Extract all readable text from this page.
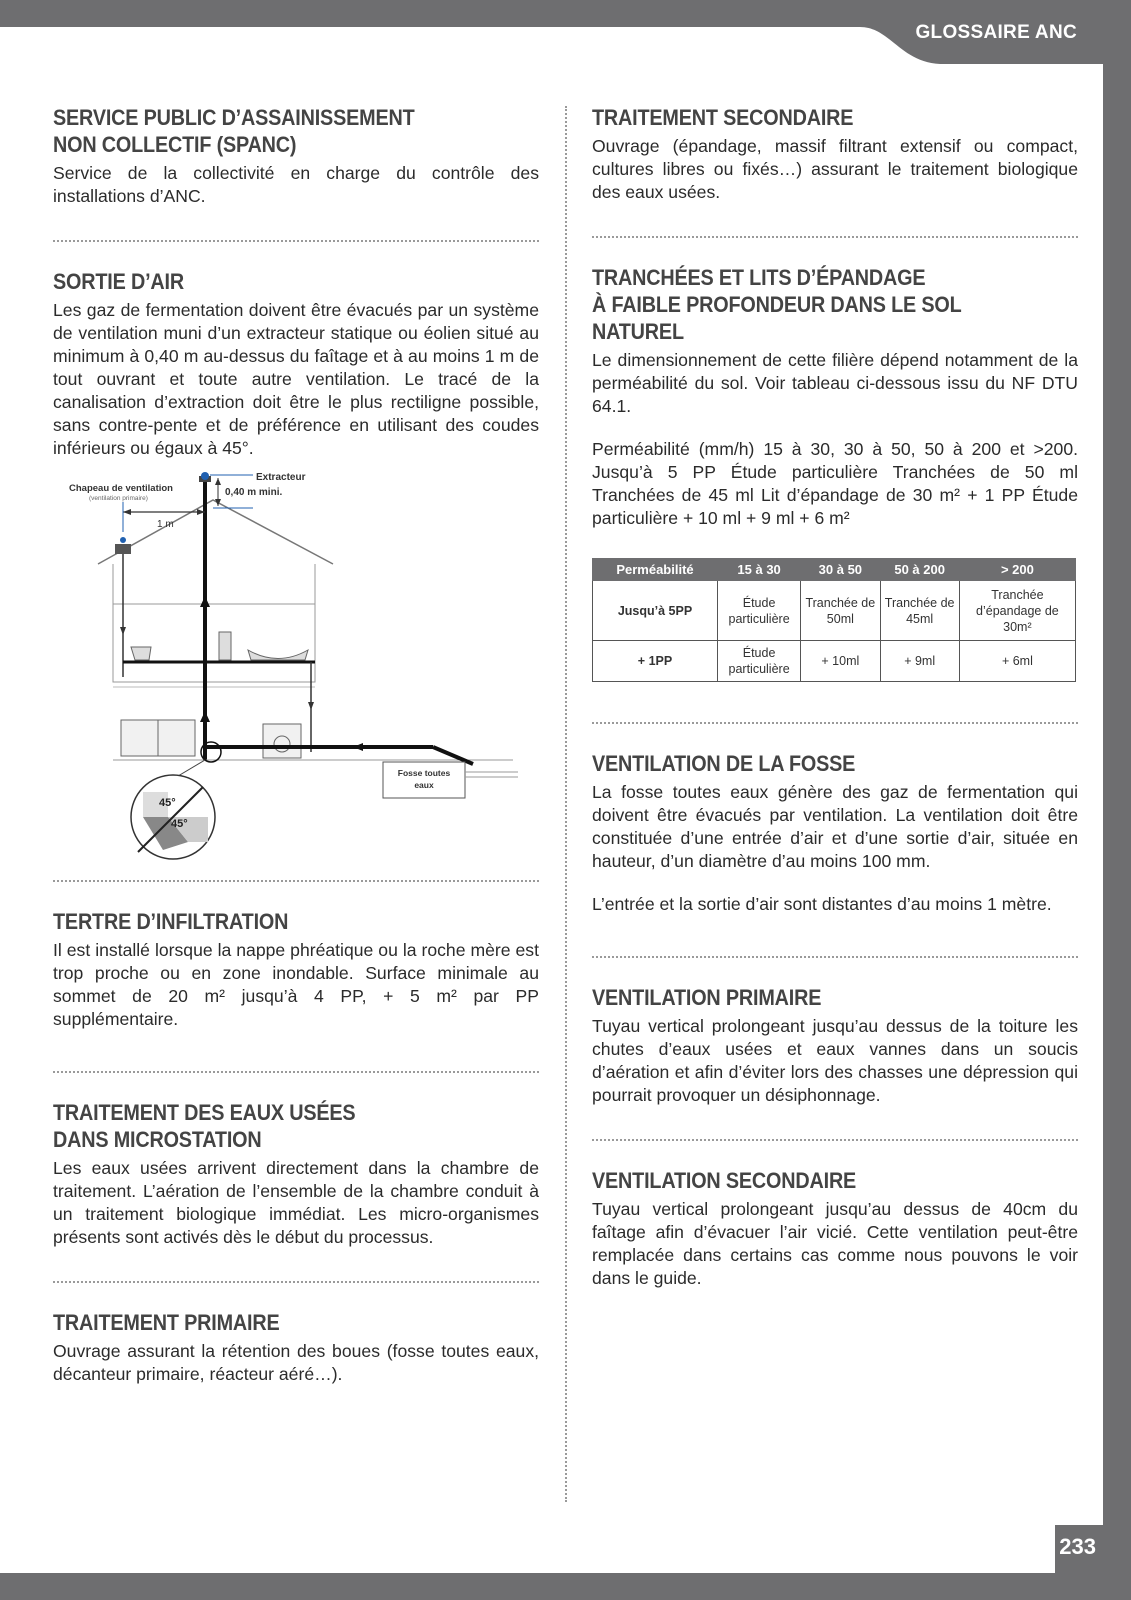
GLOSSAIRE ANC
233
SERVICE PUBLIC D’ASSAINISSEMENT
NON COLLECTIF (SPANC)

Service de la collectivité en charge du contrôle des installations d’ANC.

SORTIE D’AIR

Les gaz de fermentation doivent être évacués par un système de ventilation muni d’un extracteur statique ou éolien situé au minimum à 0,40 m au-dessus du faîtage et à au moins 1 m de tout ouvrant et toute autre ventilation. Le tracé de la canalisation d’extraction doit être le plus rectiligne possible, sans contre-pente et de préférence en utilisant des coudes inférieurs ou égaux à 45°.

1 m
Extracteur
0,40 m mini.
Chapeau de ventilation
(ventilation primaire)
Fosse toutes
eaux
45°
45°
TERTRE D’INFILTRATION

Il est installé lorsque la nappe phréatique ou la roche mère est trop proche ou en zone inondable. Surface minimale au sommet de 20 m² jusqu’à 4 PP, + 5 m² par PP supplémentaire.

TRAITEMENT DES EAUX USÉES
DANS MICROSTATION

Les eaux usées arrivent directement dans la chambre de traitement. L’aération de l’ensemble de la chambre conduit à un traitement biologique immédiat. Les micro-organismes présents sont activés dès le début du processus.

TRAITEMENT PRIMAIRE

Ouvrage assurant la rétention des boues (fosse toutes eaux, décanteur primaire, réacteur aéré…).

TRAITEMENT SECONDAIRE

Ouvrage (épandage, massif filtrant extensif ou compact, cultures libres ou fixés…) assurant le traitement biologique des eaux usées.

TRANCHÉES ET LITS D’ÉPANDAGE
À FAIBLE PROFONDEUR DANS LE SOL NATUREL

Le dimensionnement de cette filière dépend notamment de la perméabilité du sol. Voir tableau ci-dessous issu du NF DTU 64.1.

Perméabilité (mm/h) 15 à 30, 30 à 50, 50 à 200 et >200. Jusqu’à 5 PP Étude particulière Tranchées de 50 ml Tranchées de 45 ml Lit d’épandage de 30 m² + 1 PP Étude particulière + 10 ml + 9 ml + 6 m²

Perméabilité	15 à 30	30 à 50	50 à 200	> 200
Jusqu’à 5PP	Étude particulière	Tranchée de 50ml	Tranchée de 45ml	Tranchée d’épandage de 30m²
+ 1PP	Étude particulière	+ 10ml	+ 9ml	+ 6ml
VENTILATION DE LA FOSSE

La fosse toutes eaux génère des gaz de fermentation qui doivent être évacués par ventilation. La ventilation doit être constituée d’une entrée d’air et d’une sortie d’air, située en hauteur, d’un diamètre d’au moins 100 mm.

L’entrée et la sortie d’air sont distantes d’au moins 1 mètre.

VENTILATION PRIMAIRE

Tuyau vertical prolongeant jusqu’au dessus de la toiture les chutes d’eaux usées et eaux vannes dans un soucis d’aération et afin d’éviter lors des chasses une dépression qui pourrait provoquer un désiphonnage.

VENTILATION SECONDAIRE

Tuyau vertical prolongeant jusqu’au dessus de 40cm du faîtage afin d’évacuer l’air vicié. Cette ventilation peut-être remplacée dans certains cas comme nous pouvons le voir dans le guide.
